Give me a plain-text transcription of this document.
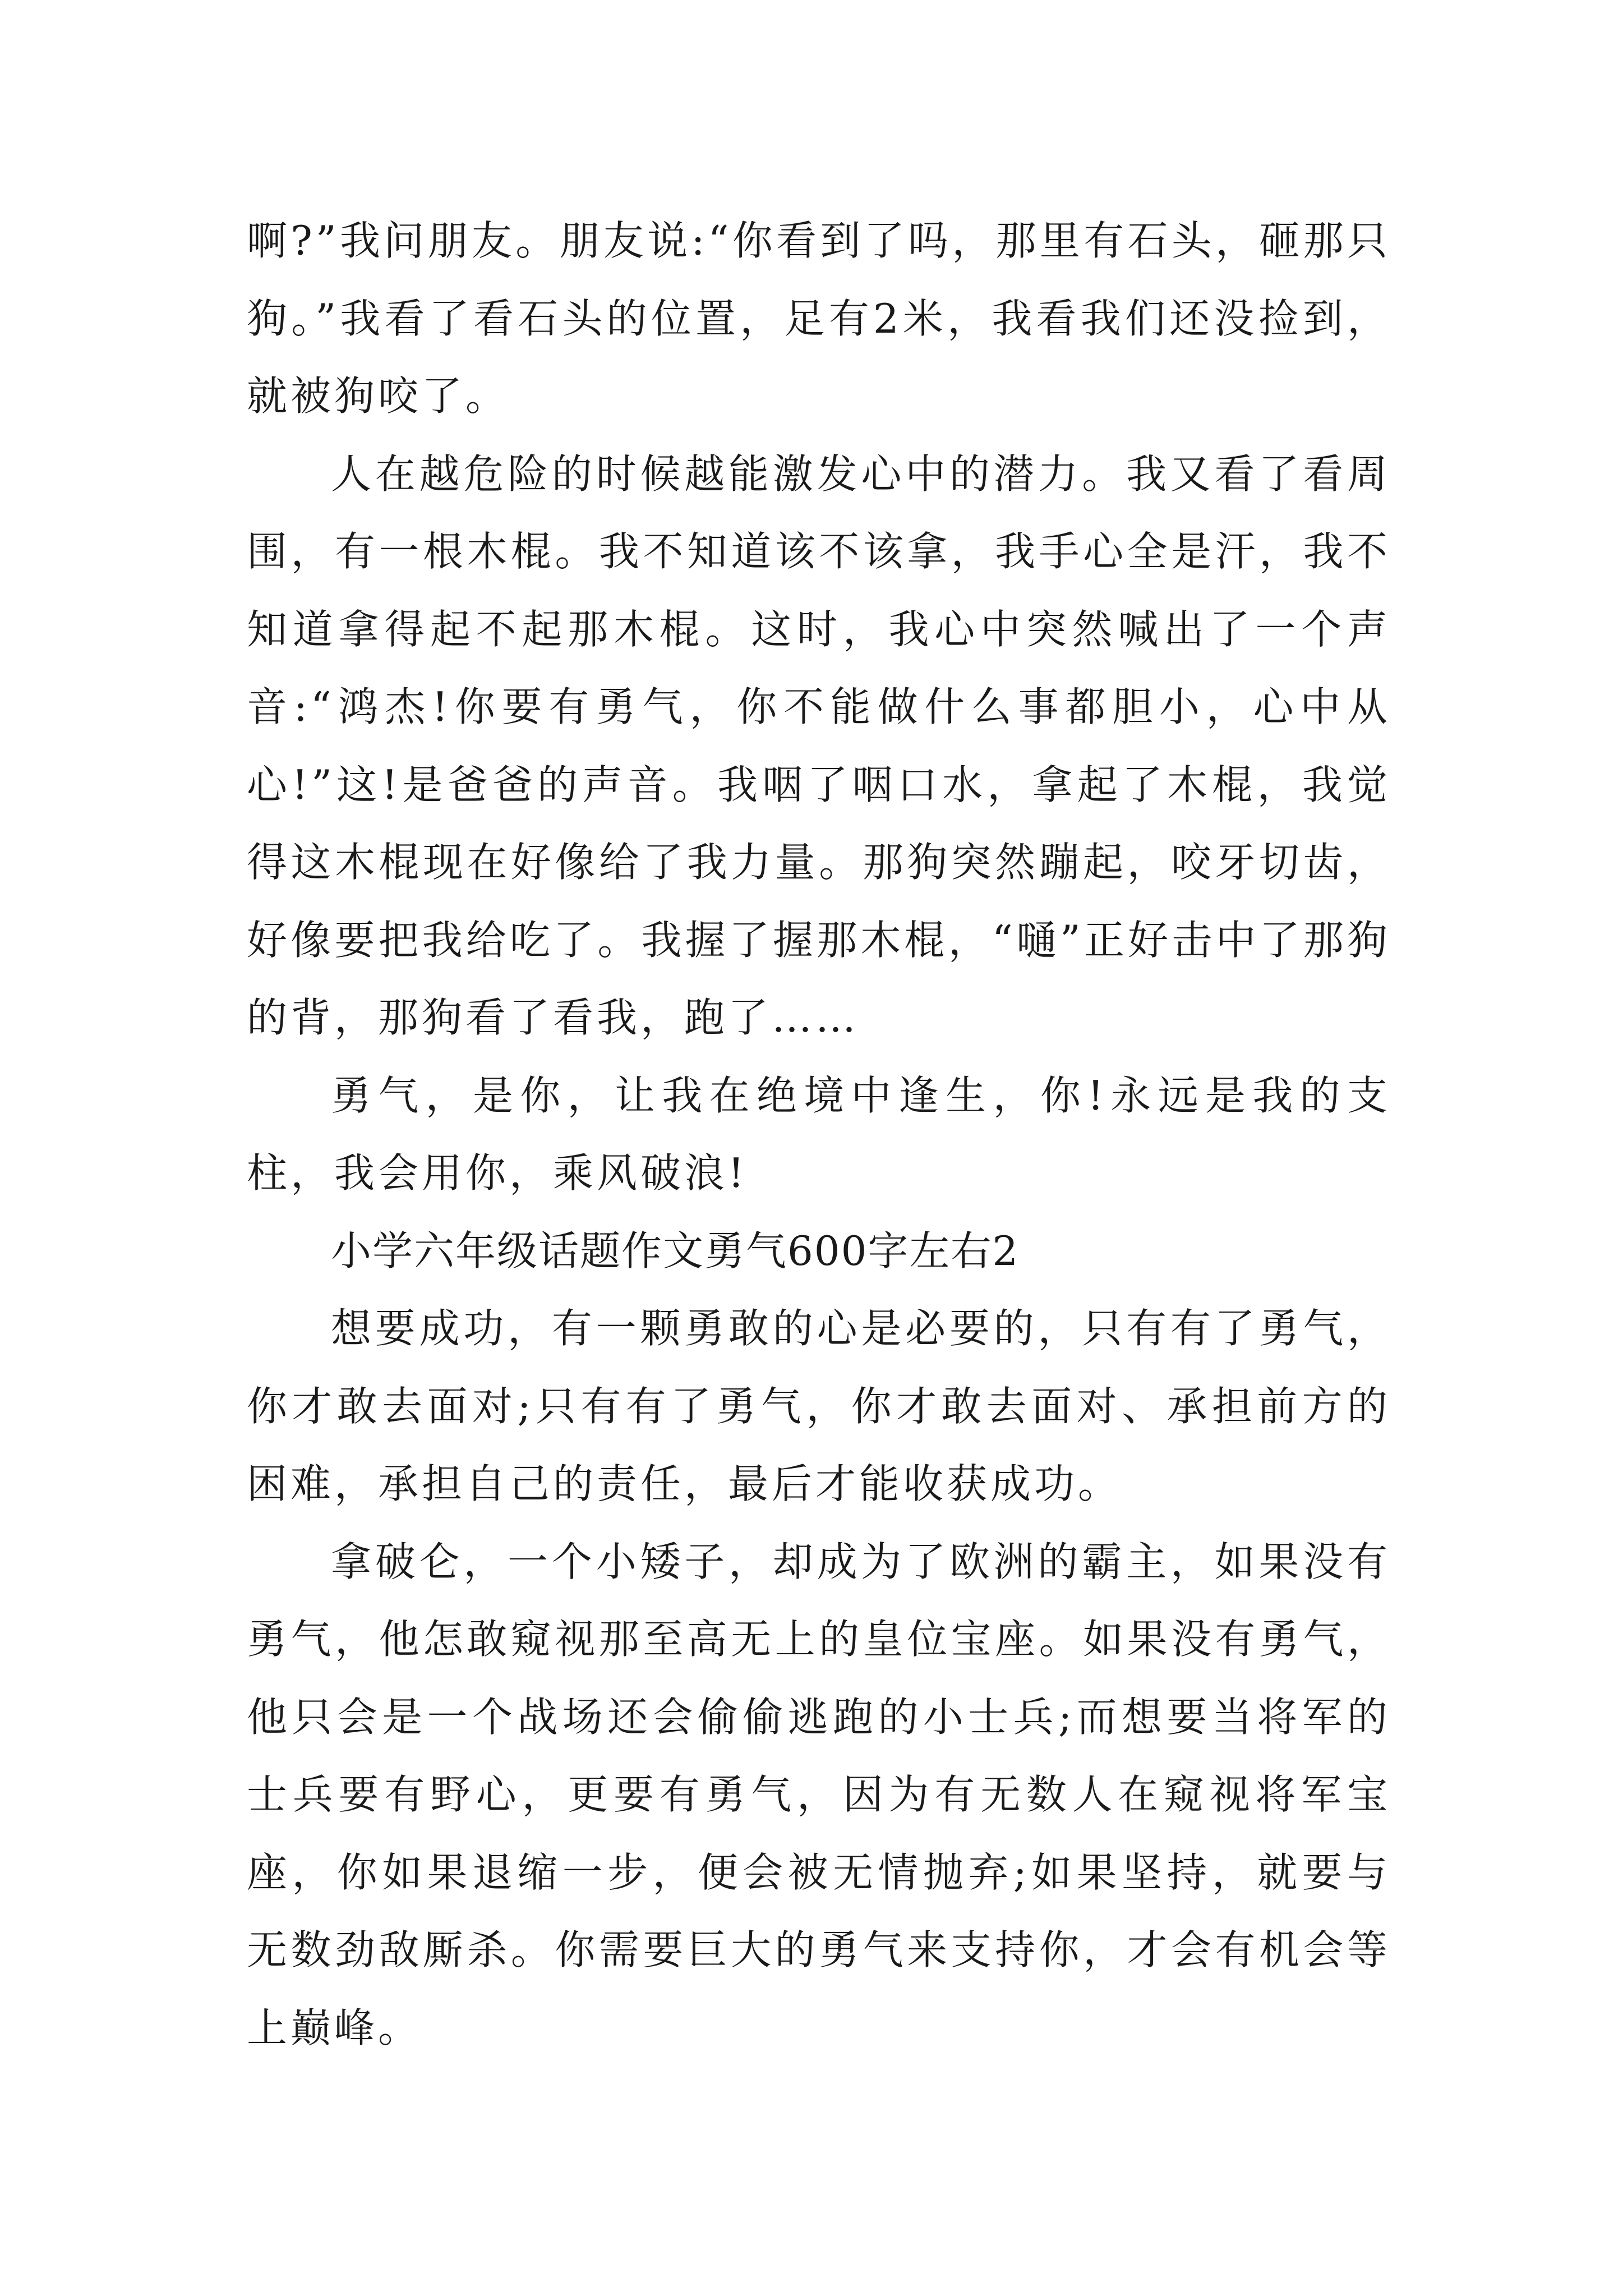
啊?”我问朋友。朋友说:“你看到了吗，那里有石头，砸那只狗。”我看了看石头的位置，足有2米，我看我们还没捡到，就被狗咬了。

人在越危险的时候越能激发心中的潜力。我又看了看周围，有一根木棍。我不知道该不该拿，我手心全是汗，我不知道拿得起不起那木棍。这时，我心中突然喊出了一个声音:“鸿杰!你要有勇气，你不能做什么事都胆小，心中从心!”这!是爸爸的声音。我咽了咽口水，拿起了木棍，我觉得这木棍现在好像给了我力量。那狗突然蹦起，咬牙切齿，好像要把我给吃了。我握了握那木棍，“嗵”正好击中了那狗的背，那狗看了看我，跑了……

勇气，是你，让我在绝境中逢生，你!永远是我的支柱，我会用你，乘风破浪!

小学六年级话题作文勇气600字左右2

想要成功，有一颗勇敢的心是必要的，只有有了勇气，你才敢去面对;只有有了勇气，你才敢去面对、承担前方的困难，承担自己的责任，最后才能收获成功。

拿破仑，一个小矮子，却成为了欧洲的霸主，如果没有勇气，他怎敢窥视那至高无上的皇位宝座。如果没有勇气，他只会是一个战场还会偷偷逃跑的小士兵;而想要当将军的士兵要有野心，更要有勇气，因为有无数人在窥视将军宝座，你如果退缩一步，便会被无情抛弃;如果坚持，就要与无数劲敌厮杀。你需要巨大的勇气来支持你，才会有机会等上巅峰。
